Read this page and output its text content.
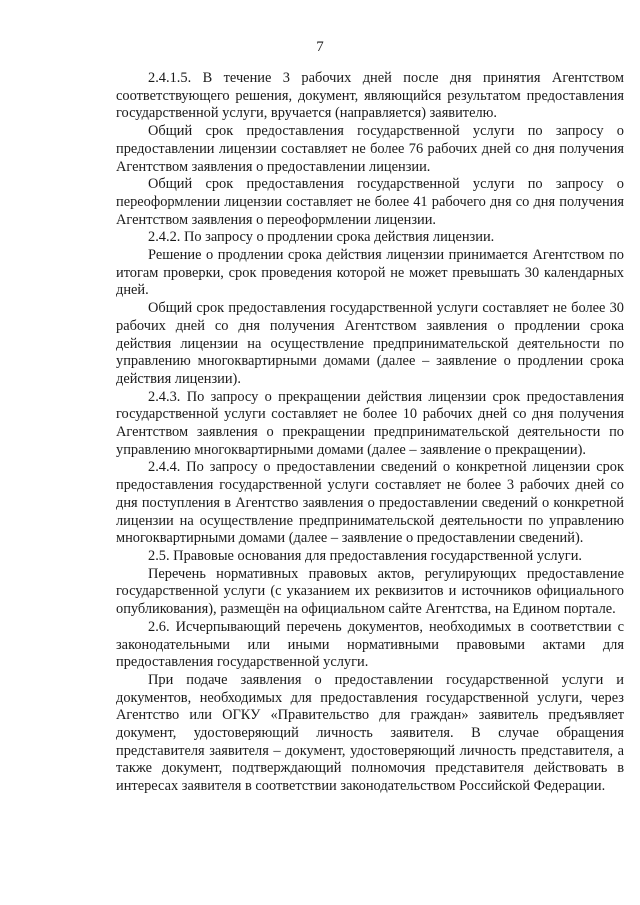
7

2.4.1.5. В течение 3 рабочих дней после дня принятия Агентством соответствующего решения, документ, являющийся результатом предоставления государственной услуги, вручается (направляется) заявителю.

Общий срок предоставления государственной услуги по запросу о предоставлении лицензии составляет не более 76 рабочих дней со дня получения Агентством заявления о предоставлении лицензии.

Общий срок предоставления государственной услуги по запросу о переоформлении лицензии составляет не более 41 рабочего дня со дня получения Агентством заявления о переоформлении лицензии.

2.4.2. По запросу о продлении срока действия лицензии.

Решение о продлении срока действия лицензии принимается Агентством по итогам проверки, срок проведения которой не может превышать 30 календарных дней.

Общий срок предоставления государственной услуги составляет не более 30 рабочих дней со дня получения Агентством заявления о продлении срока действия лицензии на осуществление предпринимательской деятельности по управлению многоквартирными домами (далее – заявление о продлении срока действия лицензии).

2.4.3. По запросу о прекращении действия лицензии срок предоставления государственной услуги составляет не более 10 рабочих дней со дня получения Агентством заявления о прекращении предпринимательской деятельности по управлению многоквартирными домами (далее – заявление о прекращении).

2.4.4. По запросу о предоставлении сведений о конкретной лицензии срок предоставления государственной услуги составляет не более 3 рабочих дней со дня поступления в Агентство заявления о предоставлении сведений о конкретной лицензии на осуществление предпринимательской деятельности по управлению многоквартирными домами (далее – заявление о предоставлении сведений).

2.5. Правовые основания для предоставления государственной услуги.

Перечень нормативных правовых актов, регулирующих предоставление государственной услуги (с указанием их реквизитов и источников официального опубликования), размещён на официальном сайте Агентства, на Едином портале.

2.6. Исчерпывающий перечень документов, необходимых в соответствии с законодательными или иными нормативными правовыми актами для предоставления государственной услуги.

При подаче заявления о предоставлении государственной услуги и документов, необходимых для предоставления государственной услуги, через Агентство или ОГКУ «Правительство для граждан» заявитель предъявляет документ, удостоверяющий личность заявителя. В случае обращения представителя заявителя – документ, удостоверяющий личность представителя, а также документ, подтверждающий полномочия представителя действовать в интересах заявителя в соответствии законодательством Российской Федерации.
